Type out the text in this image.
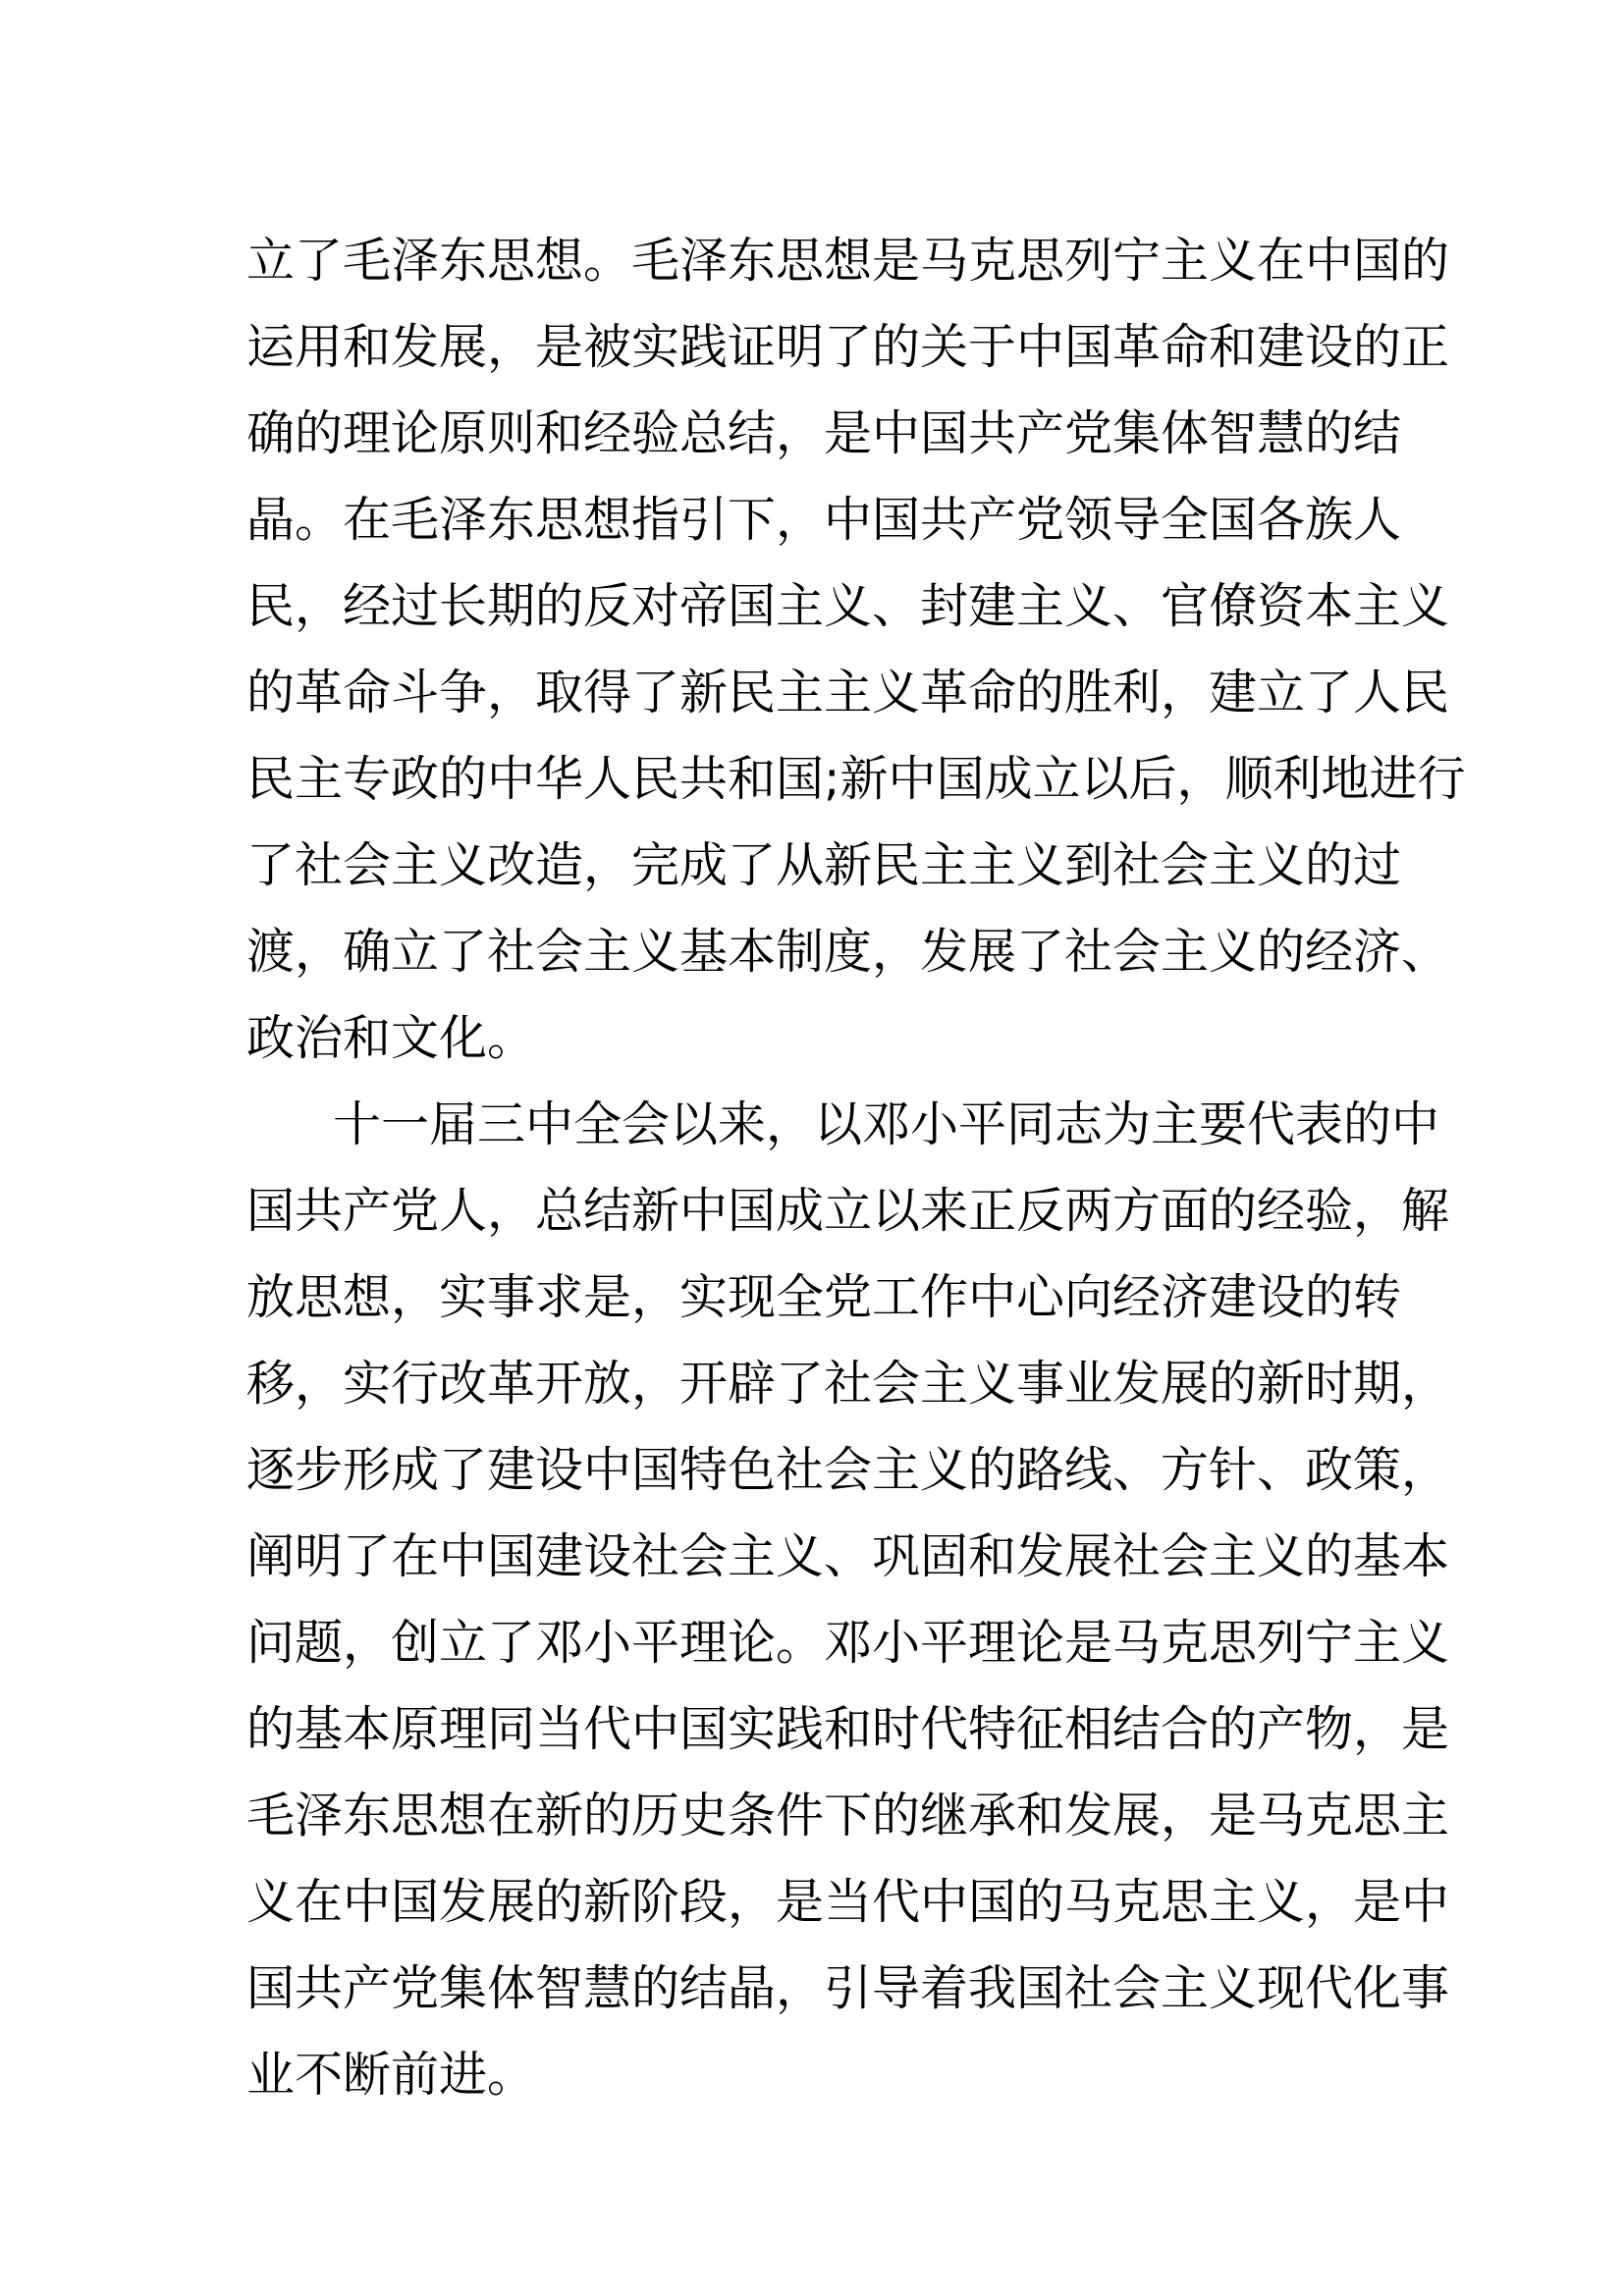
立了毛泽东思想。毛泽东思想是马克思列宁主义在中国的
运用和发展，是被实践证明了的关于中国革命和建设的正
确的理论原则和经验总结，是中国共产党集体智慧的结
晶。在毛泽东思想指引下，中国共产党领导全国各族人
民，经过长期的反对帝国主义、封建主义、官僚资本主义
的革命斗争，取得了新民主主义革命的胜利，建立了人民
民主专政的中华人民共和国;新中国成立以后，顺利地进行
了社会主义改造，完成了从新民主主义到社会主义的过
渡，确立了社会主义基本制度，发展了社会主义的经济、
政治和文化。
十一届三中全会以来，以邓小平同志为主要代表的中
国共产党人，总结新中国成立以来正反两方面的经验，解
放思想，实事求是，实现全党工作中心向经济建设的转
移，实行改革开放，开辟了社会主义事业发展的新时期，
逐步形成了建设中国特色社会主义的路线、方针、政策，
阐明了在中国建设社会主义、巩固和发展社会主义的基本
问题，创立了邓小平理论。邓小平理论是马克思列宁主义
的基本原理同当代中国实践和时代特征相结合的产物，是
毛泽东思想在新的历史条件下的继承和发展，是马克思主
义在中国发展的新阶段，是当代中国的马克思主义，是中
国共产党集体智慧的结晶，引导着我国社会主义现代化事
业不断前进。
